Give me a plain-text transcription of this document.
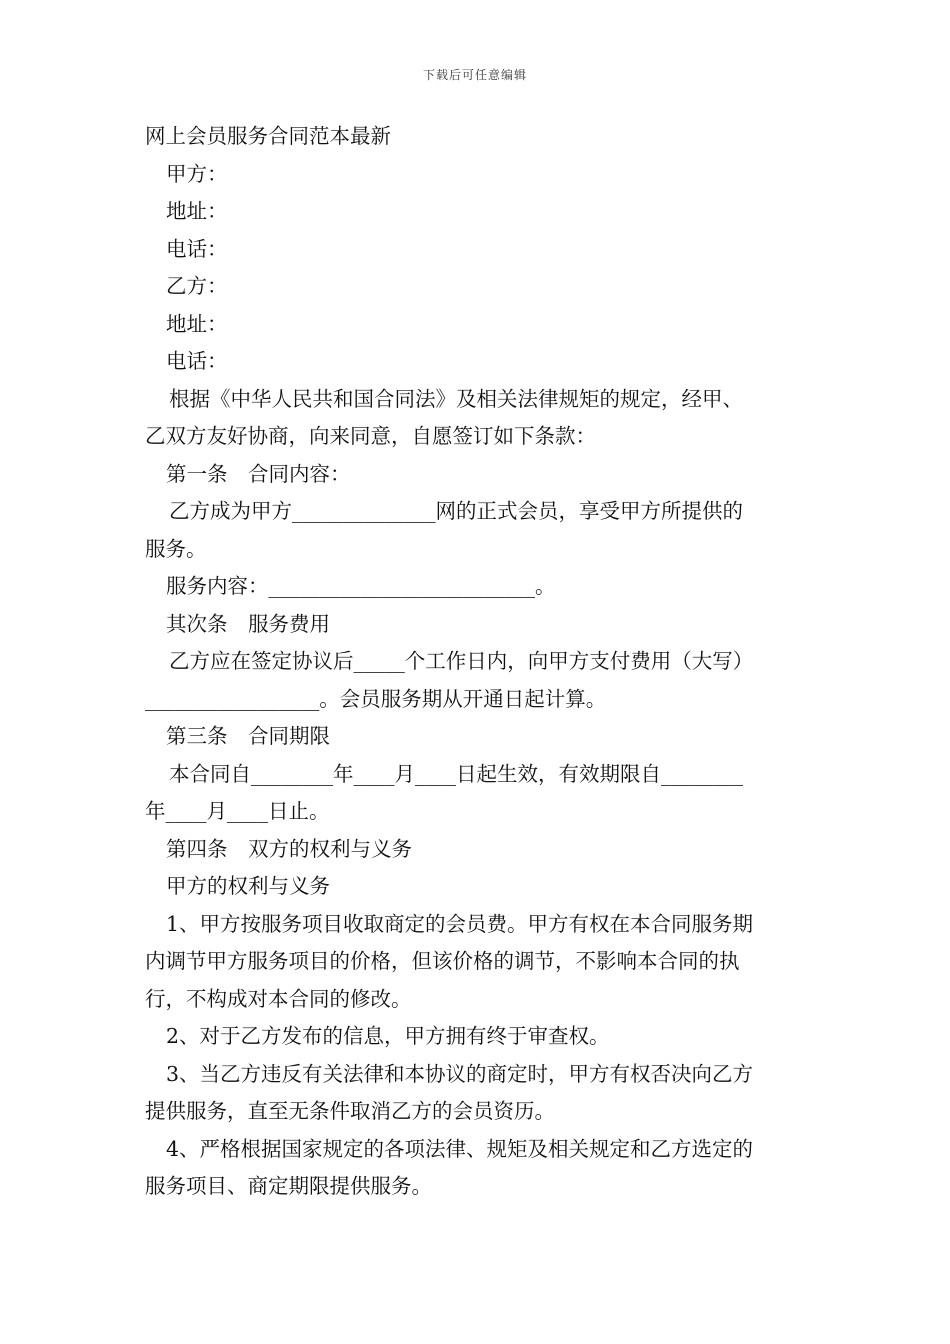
下载后可任意编辑
网上会员服务合同范本最新
甲方：
地址：
电话：
乙方：
地址：
电话：
根据《中华人民共和国合同法》及相关法律规矩的规定，经甲、
乙双方友好协商，向来同意，自愿签订如下条款：
第一条　合同内容：
乙方成为甲方______________网的正式会员，享受甲方所提供的
服务。
服务内容：__________________________。
其次条　服务费用
乙方应在签定协议后_____个工作日内，向甲方支付费用（大写）
_________________。会员服务期从开通日起计算。
第三条　合同期限
本合同自________年____月____日起生效，有效期限自________
年____月____日止。
第四条　双方的权利与义务
甲方的权利与义务
1、甲方按服务项目收取商定的会员费。甲方有权在本合同服务期
内调节甲方服务项目的价格，但该价格的调节，不影响本合同的执
行，不构成对本合同的修改。
2、对于乙方发布的信息，甲方拥有终于审查权。
3、当乙方违反有关法律和本协议的商定时，甲方有权否决向乙方
提供服务，直至无条件取消乙方的会员资历。
4、严格根据国家规定的各项法律、规矩及相关规定和乙方选定的
服务项目、商定期限提供服务。
